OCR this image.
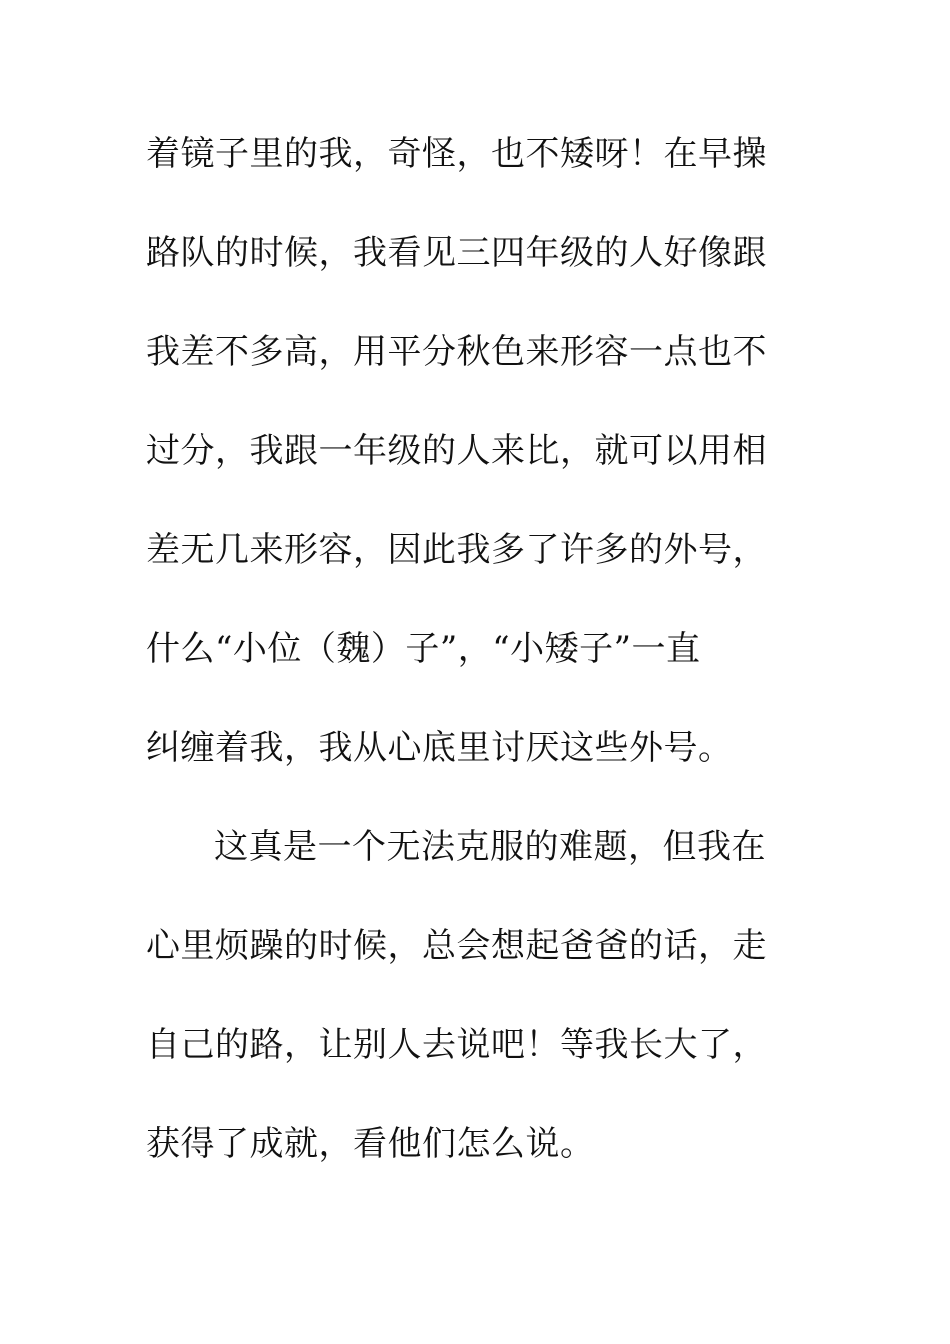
着镜子里的我，奇怪，也不矮呀！在早操
路队的时候，我看见三四年级的人好像跟
我差不多高，用平分秋色来形容一点也不
过分，我跟一年级的人来比，就可以用相
差无几来形容，因此我多了许多的外号，
什么“小位（魏）子”，“小矮子”一直
纠缠着我，我从心底里讨厌这些外号。
这真是一个无法克服的难题，但我在
心里烦躁的时候，总会想起爸爸的话，走
自己的路，让别人去说吧！等我长大了，
获得了成就，看他们怎么说。
